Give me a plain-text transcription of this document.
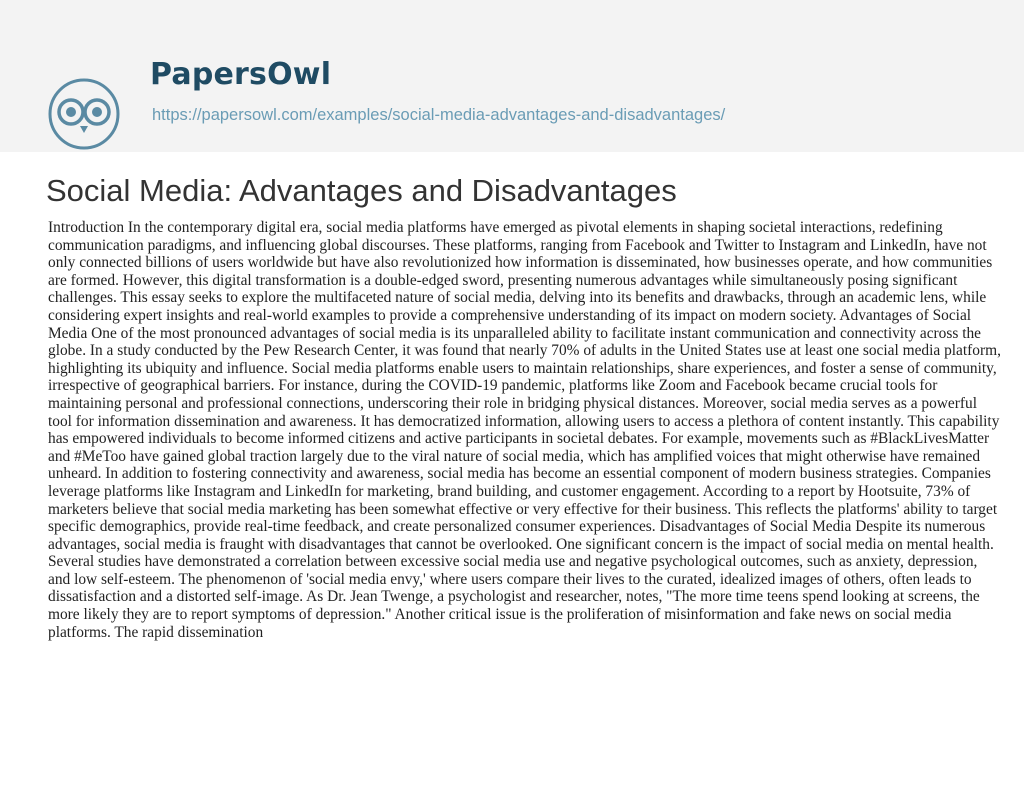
PapersOwl
https://papersowl.com/examples/social-media-advantages-and-disadvantages/
Social Media: Advantages and Disadvantages

Introduction In the contemporary digital era, social media platforms have emerged as pivotal elements in shaping societal interactions, redefining communication paradigms, and influencing global discourses. These platforms, ranging from Facebook and Twitter to Instagram and LinkedIn, have not only connected billions of users worldwide but have also revolutionized how information is disseminated, how businesses operate, and how communities are formed. However, this digital transformation is a double-edged sword, presenting numerous advantages while simultaneously posing significant challenges. This essay seeks to explore the multifaceted nature of social media, delving into its benefits and drawbacks, through an academic lens, while considering expert insights and real-world examples to provide a comprehensive understanding of its impact on modern society. Advantages of Social Media One of the most pronounced advantages of social media is its unparalleled ability to facilitate instant communication and connectivity across the globe. In a study conducted by the Pew Research Center, it was found that nearly 70% of adults in the United States use at least one social media platform, highlighting its ubiquity and influence. Social media platforms enable users to maintain relationships, share experiences, and foster a sense of community, irrespective of geographical barriers. For instance, during the COVID-19 pandemic, platforms like Zoom and Facebook became crucial tools for maintaining personal and professional connections, underscoring their role in bridging physical distances. Moreover, social media serves as a powerful tool for information dissemination and awareness. It has democratized information, allowing users to access a plethora of content instantly. This capability has empowered individuals to become informed citizens and active participants in societal debates. For example, movements such as #BlackLivesMatter and #MeToo have gained global traction largely due to the viral nature of social media, which has amplified voices that might otherwise have remained unheard. In addition to fostering connectivity and awareness, social media has become an essential component of modern business strategies. Companies leverage platforms like Instagram and LinkedIn for marketing, brand building, and customer engagement. According to a report by Hootsuite, 73% of marketers believe that social media marketing has been somewhat effective or very effective for their business. This reflects the platforms' ability to target specific demographics, provide real-time feedback, and create personalized consumer experiences. Disadvantages of Social Media Despite its numerous advantages, social media is fraught with disadvantages that cannot be overlooked. One significant concern is the impact of social media on mental health. Several studies have demonstrated a correlation between excessive social media use and negative psychological outcomes, such as anxiety, depression, and low self-esteem. The phenomenon of 'social media envy,' where users compare their lives to the curated, idealized images of others, often leads to dissatisfaction and a distorted self-image. As Dr. Jean Twenge, a psychologist and researcher, notes, "The more time teens spend looking at screens, the more likely they are to report symptoms of depression." Another critical issue is the proliferation of misinformation and fake news on social media platforms. The rapid dissemination
